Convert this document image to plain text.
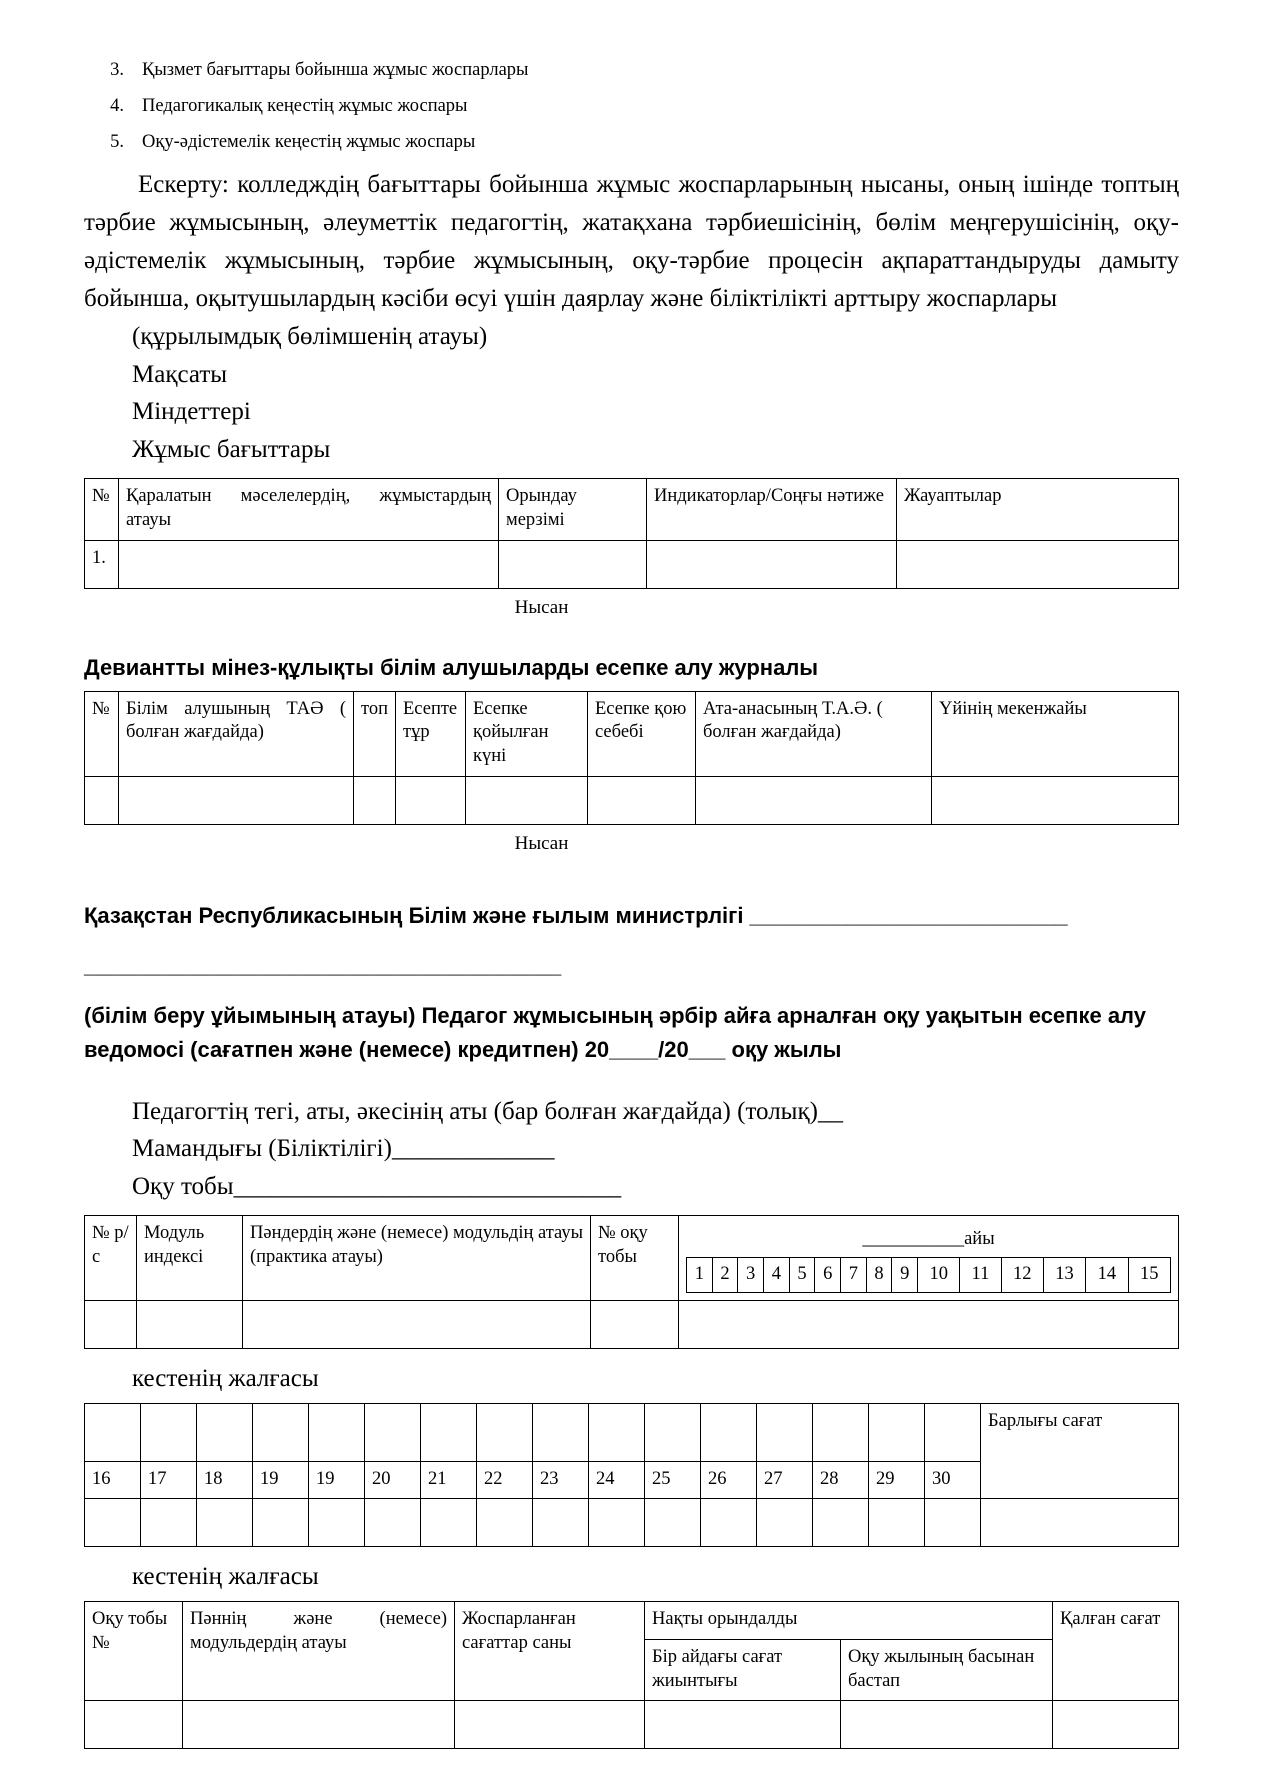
3. Қызмет бағыттары бойынша жұмыс жоспарлары
4. Педагогикалық кеңестің жұмыс жоспары
5. Оқу-әдістемелік кеңестің жұмыс жоспары

Ескерту: колледждің бағыттары бойынша жұмыс жоспарларының нысаны, оның ішінде топтың тәрбие жұмысының, әлеуметтік педагогтің, жатақхана тәрбиешісінің, бөлім меңгерушісінің, оқу-әдістемелік жұмысының, тәрбие жұмысының, оқу-тәрбие процесін ақпараттандыруды дамыту бойынша, оқытушылардың кәсіби өсуі үшін даярлау және біліктілікті арттыру жоспарлары

(құрылымдық бөлімшенің атауы)

Мақсаты

Міндеттері

Жұмыс бағыттары

№	Қаралатын мәселелердің, жұмыстардың атауы	Орындау мерзімі	Индикаторлар/Соңғы нәтиже	Жауаптылар
1.				

Нысан

Девиантты мінез-құлықты білім алушыларды есепке алу журналы

№	Білім алушының ТАӘ ( болған жағдайда)	топ	Есепте тұр	Есепке қойылған күні	Есепке қою себебі	Ата-анасының Т.А.Ә. ( болған жағдайда)	Үйінің мекенжайы

Нысан

Қазақстан Республикасының Білім және ғылым министрлігі __________________________

_______________________________________

(білім беру ұйымының атауы) Педагог жұмысының әрбір айға арналған оқу уақытын есепке алу ведомосі (сағатпен және (немесе) кредитпен) 20____/20___ оқу жылы

Педагогтің тегі, аты, әкесінің аты (бар болған жағдайда) (толық)__

Мамандығы (Біліктілігі)_____________

Оқу тобы_______________________________

№ р/с	Модуль индексі	Пәндердің және (немесе) модульдің атауы (практика атауы)	№ оқу тобы	
___________айы
1	2	3	4	5	6	7	8	9	10	11	12	13	14	15

кестенің жалғасы

																Барлығы сағат
16	17	18	19	19	20	21	22	23	24	25	26	27	28	29	30	

кестенің жалғасы

Оқу тобы №	Пәннің және (немесе) модульдердің атауы	Жоспарланған сағаттар саны	Нақты орындалды		Қалған сағат
			Бір айдағы сағат жиынтығы	Оқу жылының басынан бастап	
